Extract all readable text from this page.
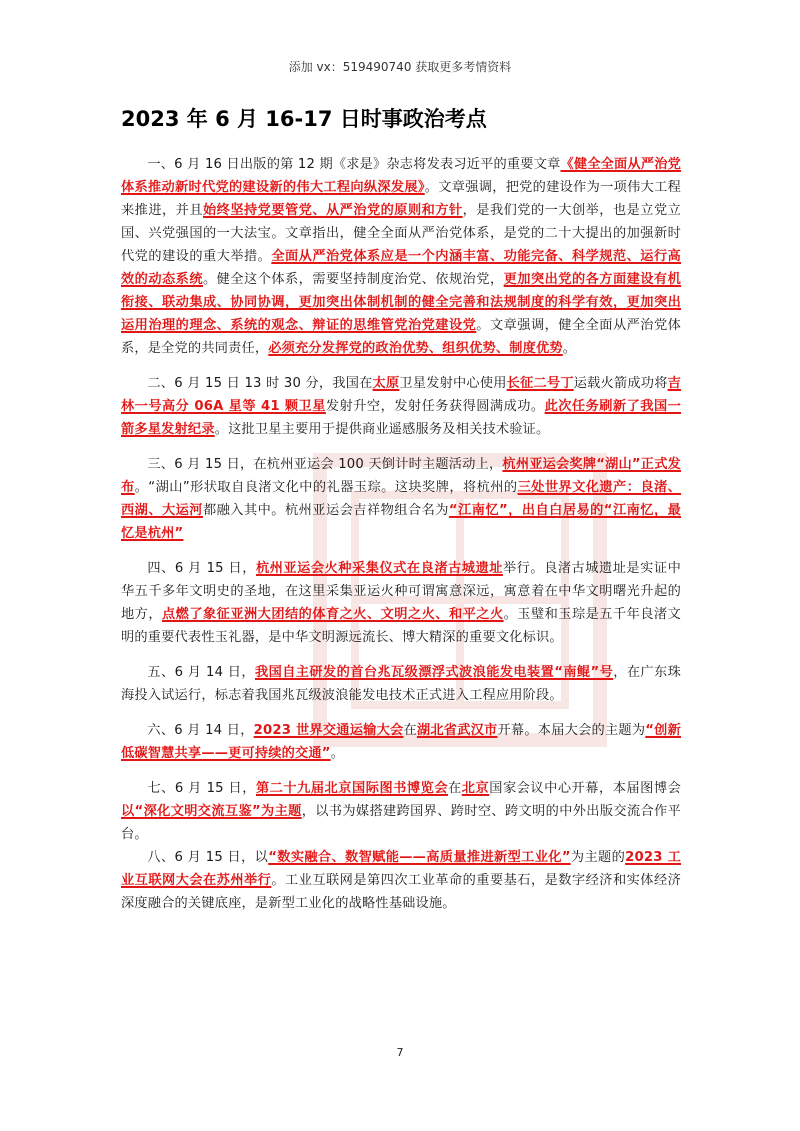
添加 vx：519490740 获取更多考情资料
2023 年 6 月 16-17 日时事政治考点

一、6 月 16 日出版的第 12 期《求是》杂志将发表习近平的重要文章《健全全面从严治党体系推动新时代党的建设新的伟大工程向纵深发展》。文章强调，把党的建设作为一项伟大工程来推进，并且始终坚持党要管党、从严治党的原则和方针，是我们党的一大创举，也是立党立国、兴党强国的一大法宝。文章指出，健全全面从严治党体系，是党的二十大提出的加强新时代党的建设的重大举措。全面从严治党体系应是一个内涵丰富、功能完备、科学规范、运行高效的动态系统。健全这个体系，需要坚持制度治党、依规治党，更加突出党的各方面建设有机衔接、联动集成、协同协调，更加突出体制机制的健全完善和法规制度的科学有效，更加突出运用治理的理念、系统的观念、辩证的思维管党治党建设党。文章强调，健全全面从严治党体系，是全党的共同责任，必须充分发挥党的政治优势、组织优势、制度优势。

二、6 月 15 日 13 时 30 分，我国在太原卫星发射中心使用长征二号丁运载火箭成功将吉林一号高分 06A 星等 41 颗卫星发射升空，发射任务获得圆满成功。此次任务刷新了我国一箭多星发射纪录。这批卫星主要用于提供商业遥感服务及相关技术验证。

三、6 月 15 日，在杭州亚运会 100 天倒计时主题活动上，杭州亚运会奖牌“湖山”正式发布。“湖山”形状取自良渚文化中的礼器玉琮。这块奖牌，将杭州的三处世界文化遗产：良渚、西湖、大运河都融入其中。杭州亚运会吉祥物组合名为“江南忆”，出自白居易的“江南忆，最忆是杭州”

四、6 月 15 日，杭州亚运会火种采集仪式在良渚古城遗址举行。良渚古城遗址是实证中华五千多年文明史的圣地，在这里采集亚运火种可谓寓意深远，寓意着在中华文明曙光升起的地方，点燃了象征亚洲大团结的体育之火、文明之火、和平之火。玉璧和玉琮是五千年良渚文明的重要代表性玉礼器，是中华文明源远流长、博大精深的重要文化标识。

五、6 月 14 日，我国自主研发的首台兆瓦级漂浮式波浪能发电装置“南鲲”号，在广东珠海投入试运行，标志着我国兆瓦级波浪能发电技术正式进入工程应用阶段。

六、6 月 14 日，2023 世界交通运输大会在湖北省武汉市开幕。本届大会的主题为“创新低碳智慧共享——更可持续的交通”。

七、6 月 15 日，第二十九届北京国际图书博览会在北京国家会议中心开幕，本届图博会以“深化文明交流互鉴”为主题，以书为媒搭建跨国界、跨时空、跨文明的中外出版交流合作平台。

八、6 月 15 日，以“数实融合、数智赋能——高质量推进新型工业化”为主题的2023 工业互联网大会在苏州举行。工业互联网是第四次工业革命的重要基石，是数字经济和实体经济深度融合的关键底座，是新型工业化的战略性基础设施。

7
